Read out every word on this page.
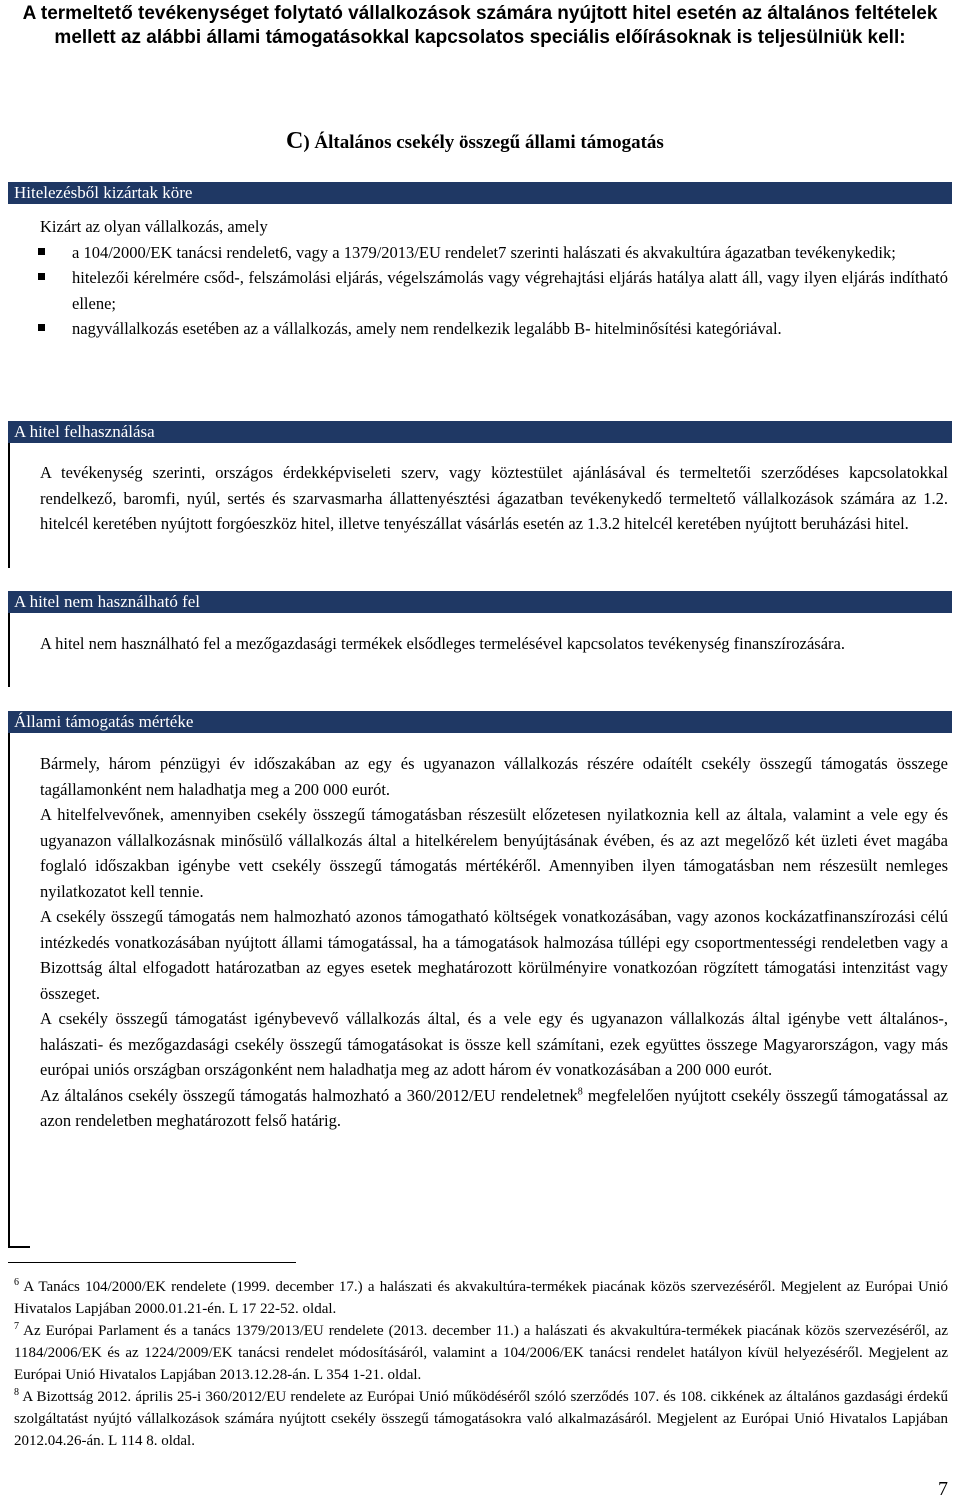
A termeltető tevékenységet folytató vállalkozások számára nyújtott hitel esetén az általános feltételek mellett az alábbi állami támogatásokkal kapcsolatos speciális előírásoknak is teljesülniük kell:
C) Általános csekély összegű állami támogatás
Hitelezésből kizártak köre

Kizárt az olyan vállalkozás, amely

a 104/2000/EK tanácsi rendelet6, vagy a 1379/2013/EU rendelet7 szerinti halászati és akvakultúra ágazatban tevékenykedik;
hitelezői kérelmére csőd-, felszámolási eljárás, végelszámolás vagy végrehajtási eljárás hatálya alatt áll, vagy ilyen eljárás indítható ellene;
nagyvállalkozás esetében az a vállalkozás, amely nem rendelkezik legalább B- hitelminősítési kategóriával.
A hitel felhasználása
A tevékenység szerinti, országos érdekképviseleti szerv, vagy köztestület ajánlásával és termeltetői szerződéses kapcsolatokkal rendelkező, baromfi, nyúl, sertés és szarvasmarha állattenyésztési ágazatban tevékenykedő termeltető vállalkozások számára az 1.2. hitelcél keretében nyújtott forgóeszköz hitel, illetve tenyészállat vásárlás esetén az 1.3.2 hitelcél keretében nyújtott beruházási hitel.
A hitel nem használható fel
A hitel nem használható fel a mezőgazdasági termékek elsődleges termelésével kapcsolatos tevékenység finanszírozására.
Állami támogatás mértéke

Bármely, három pénzügyi év időszakában az egy és ugyanazon vállalkozás részére odaítélt csekély összegű támogatás összege tagállamonként nem haladhatja meg a 200 000 eurót.

A hitelfelvevőnek, amennyiben csekély összegű támogatásban részesült előzetesen nyilatkoznia kell az általa, valamint a vele egy és ugyanazon vállalkozásnak minősülő vállalkozás által a hitelkérelem benyújtásának évében, és az azt megelőző két üzleti évet magába foglaló időszakban igénybe vett csekély összegű támogatás mértékéről. Amennyiben ilyen támogatásban nem részesült nemleges nyilatkozatot kell tennie.

A csekély összegű támogatás nem halmozható azonos támogatható költségek vonatkozásában, vagy azonos kockázatfinanszírozási célú intézkedés vonatkozásában nyújtott állami támogatással, ha a támogatások halmozása túllépi egy csoportmentességi rendeletben vagy a Bizottság által elfogadott határozatban az egyes esetek meghatározott körülményire vonatkozóan rögzített támogatási intenzitást vagy összeget.

A csekély összegű támogatást igénybevevő vállalkozás által, és a vele egy és ugyanazon vállalkozás által igénybe vett általános-, halászati- és mezőgazdasági csekély összegű támogatásokat is össze kell számítani, ezek együttes összege Magyarországon, vagy más európai uniós országban országonként nem haladhatja meg az adott három év vonatkozásában a 200 000 eurót.

Az általános csekély összegű támogatás halmozható a 360/2012/EU rendeletnek$^8$ megfelelően nyújtott csekély összegű támogatással az azon rendeletben meghatározott felső határig.

$^6$ A Tanács 104/2000/EK rendelete (1999. december 17.) a halászati és akvakultúra-termékek piacának közös szervezéséről. Megjelent az Európai Unió Hivatalos Lapjában 2000.01.21-én. L 17 22-52. oldal.

$^7$ Az Európai Parlament és a tanács 1379/2013/EU rendelete (2013. december 11.) a halászati és akvakultúra-termékek piacának közös szervezéséről, az 1184/2006/EK és az 1224/2009/EK tanácsi rendelet módosításáról, valamint a 104/2006/EK tanácsi rendelet hatályon kívül helyezéséről. Megjelent az Európai Unió Hivatalos Lapjában 2013.12.28-án. L 354 1-21. oldal.

$^8$ A Bizottság 2012. április 25-i 360/2012/EU rendelete az Európai Unió működéséről szóló szerződés 107. és 108. cikkének az általános gazdasági érdekű szolgáltatást nyújtó vállalkozások számára nyújtott csekély összegű támogatásokra való alkalmazásáról. Megjelent az Európai Unió Hivatalos Lapjában 2012.04.26-án. L 114 8. oldal.

7
